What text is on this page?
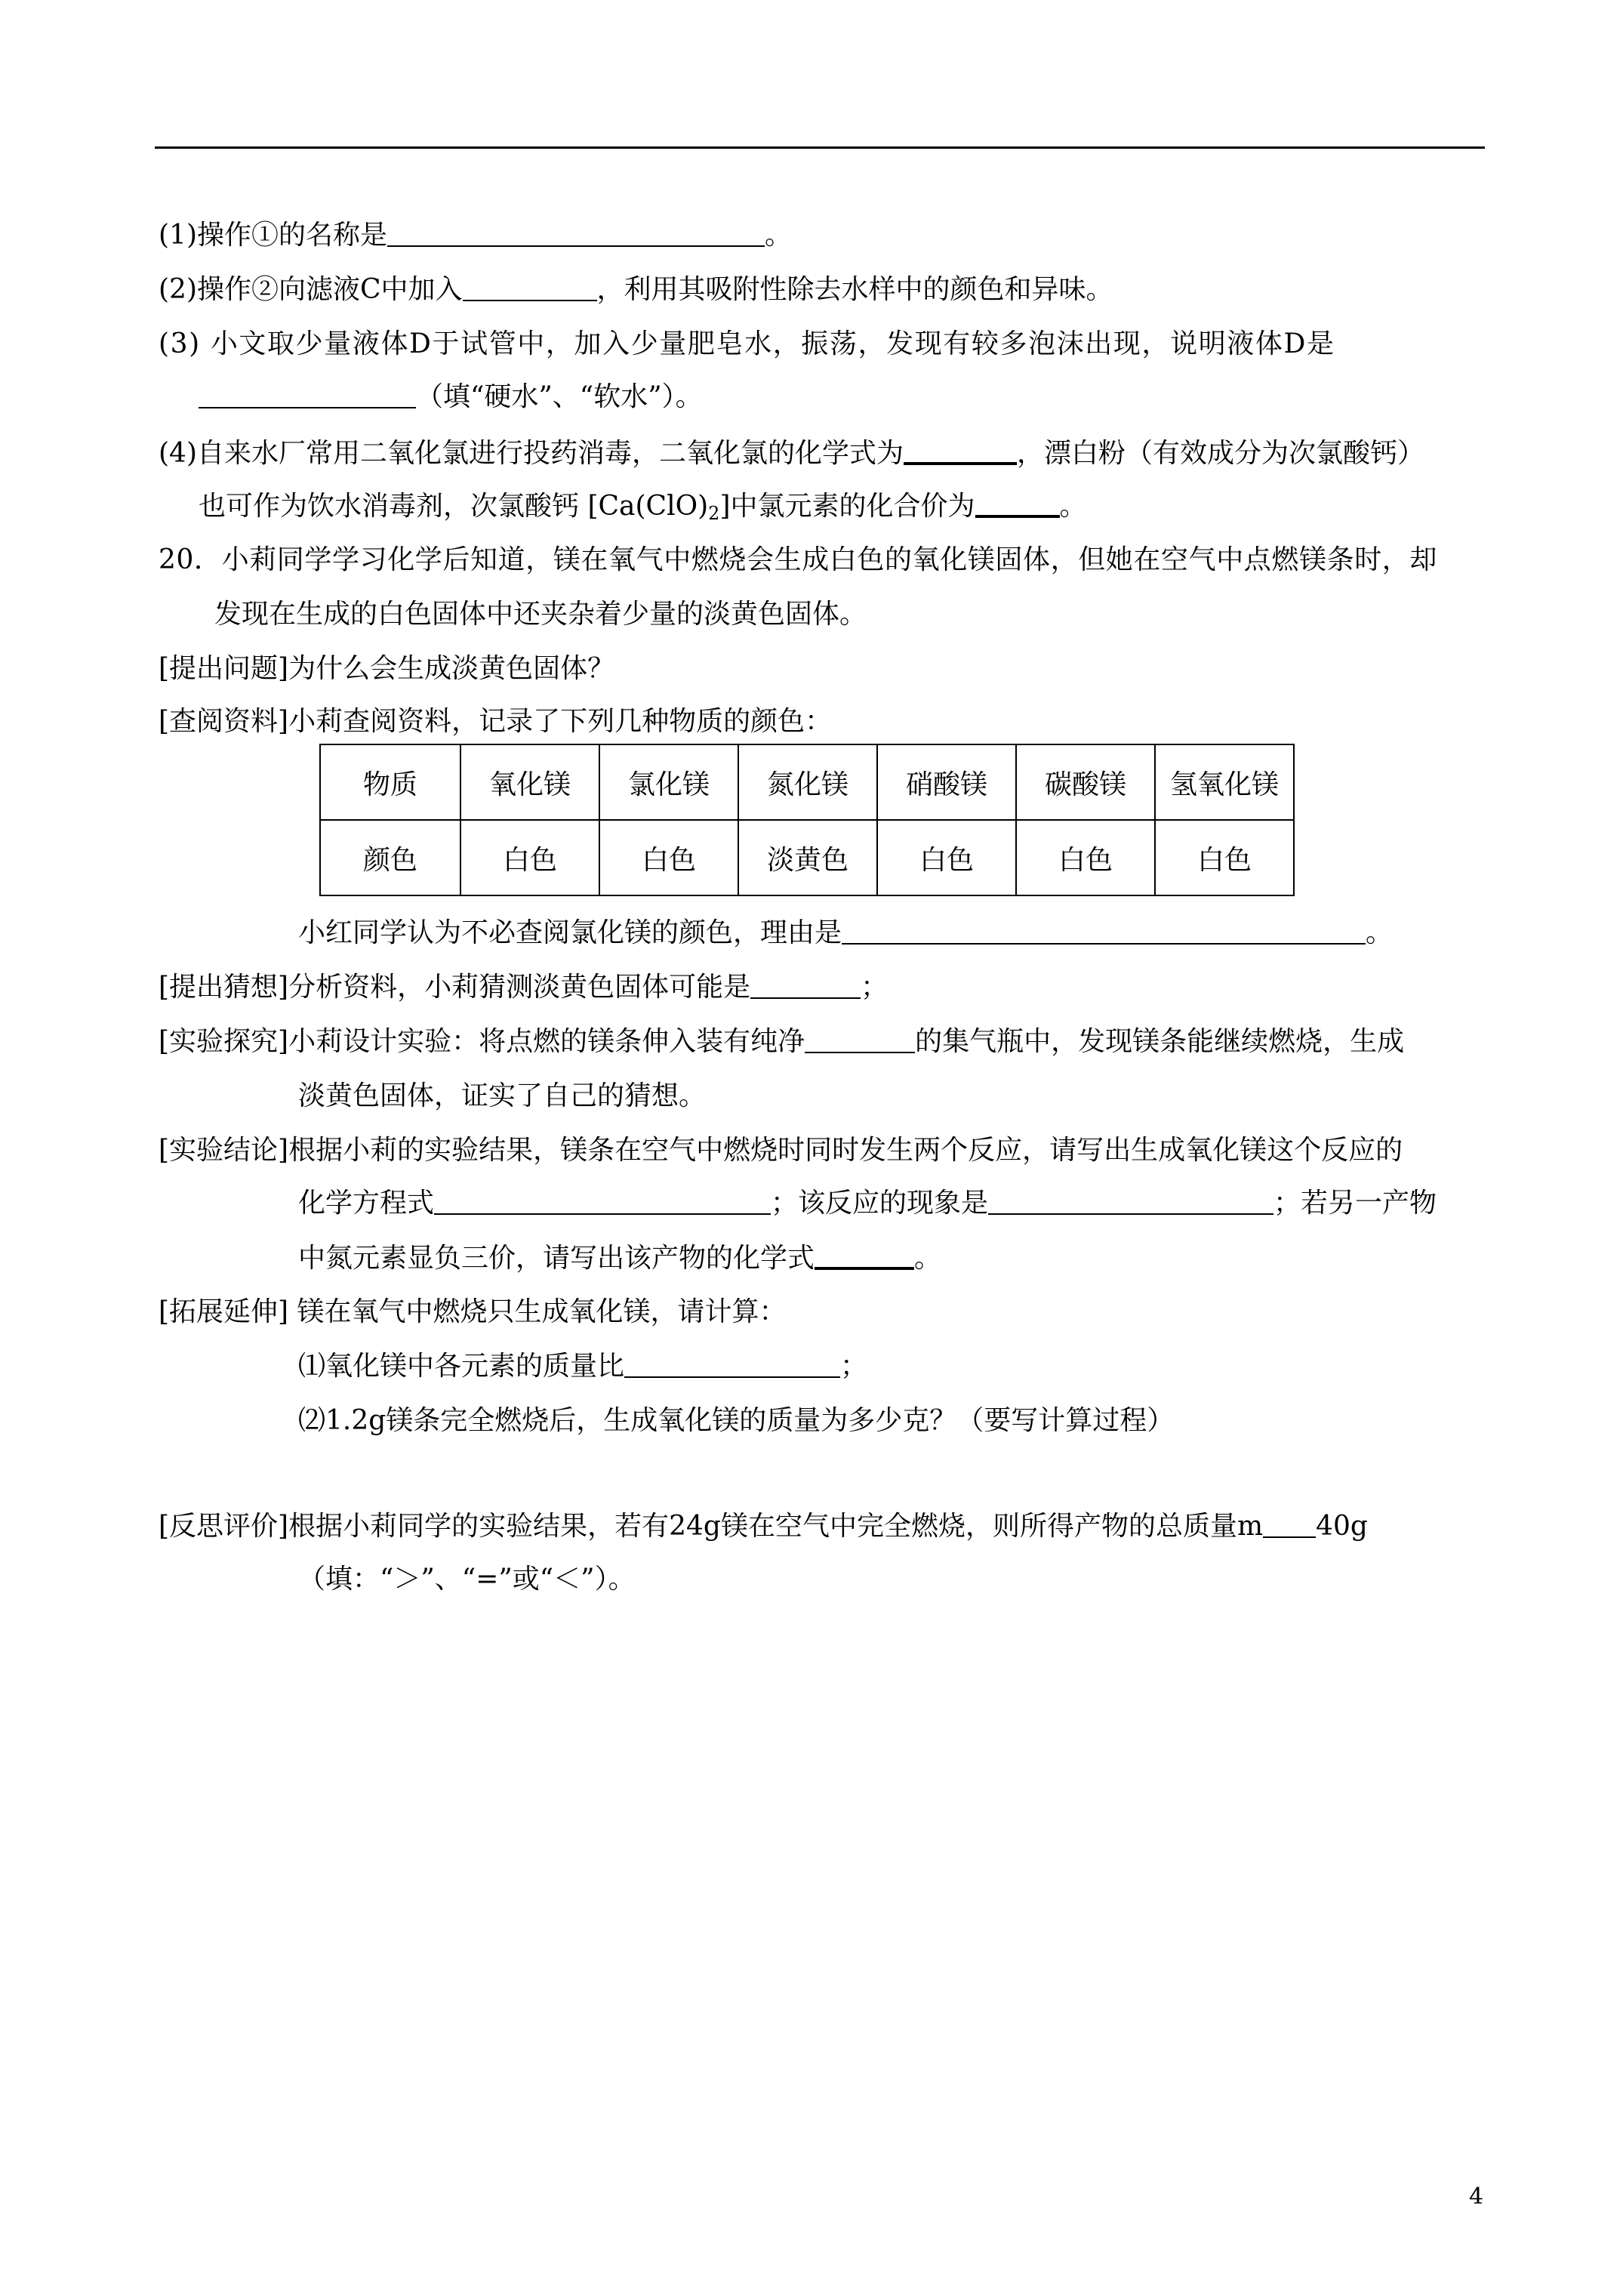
(1)操作①的名称是	。
(2)操作②向滤液C中加入	，利用其吸附性除去水样中的颜色和异味。
(3) 小文取少量液体D于试管中，加入少量肥皂水，振荡，发现有较多泡沫出现，说明液体D是
（填“硬水”、“软水”）。
(4)自来水厂常用二氧化氯进行投药消毒，二氧化氯的化学式为	，漂白粉（有效成分为次氯酸钙）
也可作为饮水消毒剂，次氯酸钙 $[Ca(ClO)_2]$中氯元素的化合价为	。
20．小莉同学学习化学后知道，镁在氧气中燃烧会生成白色的氧化镁固体，但她在空气中点燃镁条时，却
发现在生成的白色固体中还夹杂着少量的淡黄色固体。
[提出问题]为什么会生成淡黄色固体？
[查阅资料]小莉查阅资料，记录了下列几种物质的颜色：
物质	氧化镁	氯化镁	氮化镁	硝酸镁	碳酸镁	氢氧化镁
颜色	白色	白色	淡黄色	白色	白色	白色
小红同学认为不必查阅氯化镁的颜色，理由是	。
[提出猜想]分析资料，小莉猜测淡黄色固体可能是	；
[实验探究]小莉设计实验：将点燃的镁条伸入装有纯净	的集气瓶中，发现镁条能继续燃烧，生成
淡黄色固体，证实了自己的猜想。
[实验结论]根据小莉的实验结果，镁条在空气中燃烧时同时发生两个反应，请写出生成氧化镁这个反应的
化学方程式	；该反应的现象是	；若另一产物
中氮元素显负三价，请写出该产物的化学式	。
[拓展延伸] 镁在氧气中燃烧只生成氧化镁，请计算：
⑴氧化镁中各元素的质量比	；
⑵1.2g镁条完全燃烧后，生成氧化镁的质量为多少克？（要写计算过程）
[反思评价]根据小莉同学的实验结果，若有24g镁在空气中完全燃烧，则所得产物的总质量m 40g
（填：“＞”、“=”或“＜”）。
4
